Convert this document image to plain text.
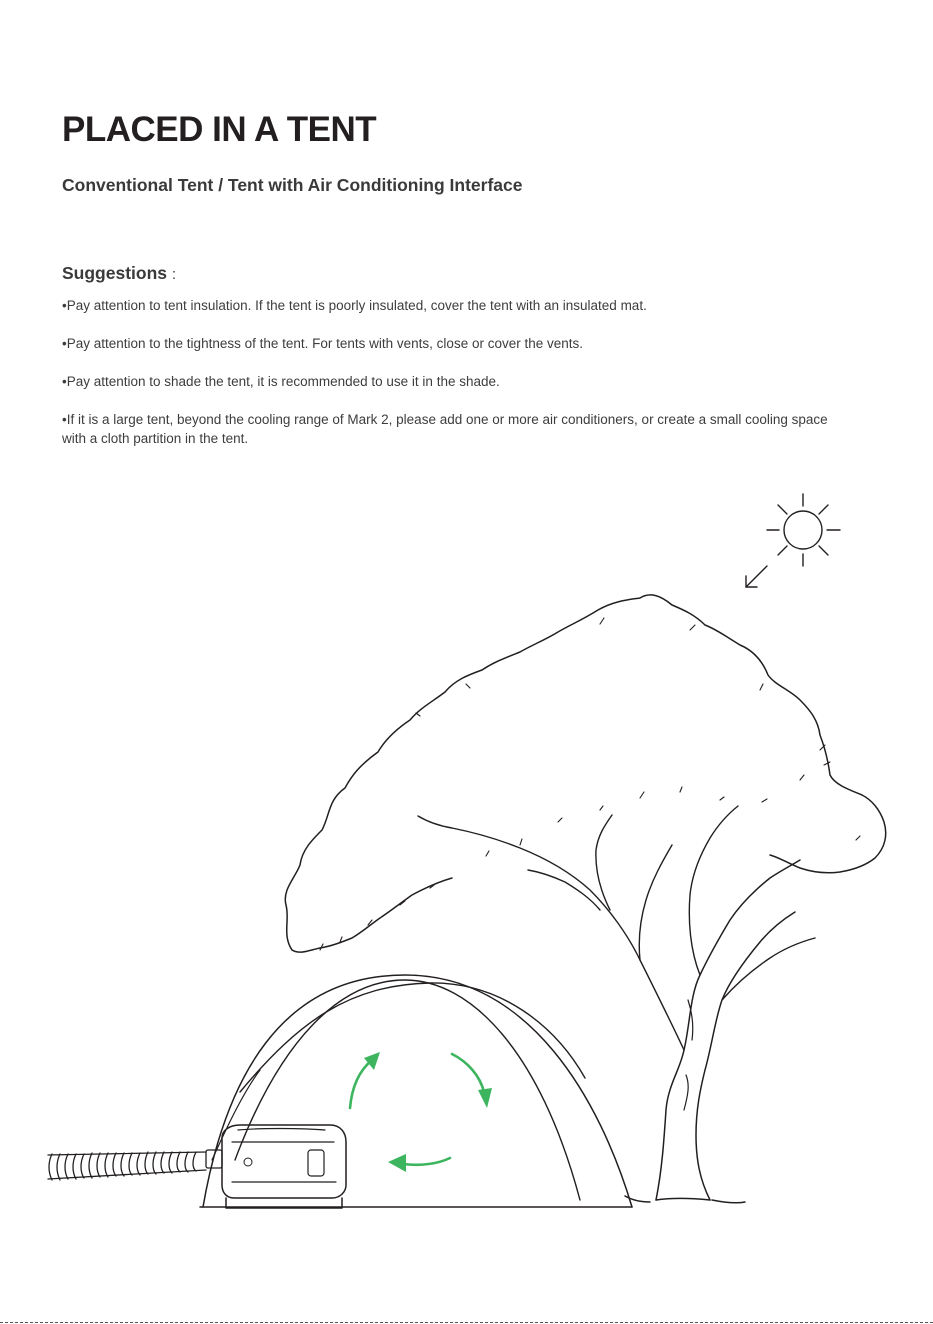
PLACED IN A TENT
Conventional Tent / Tent with Air Conditioning Interface
Suggestions :
•Pay attention to tent insulation. If the tent is poorly insulated, cover the tent with an insulated mat.
•Pay attention to the tightness of the tent. For tents with vents, close or cover the vents.
•Pay attention to shade the tent, it is recommended to use it in the shade.
•If it is a large tent, beyond the cooling range of Mark 2, please add one or more air conditioners, or create a small cooling space with a cloth partition in the tent.
